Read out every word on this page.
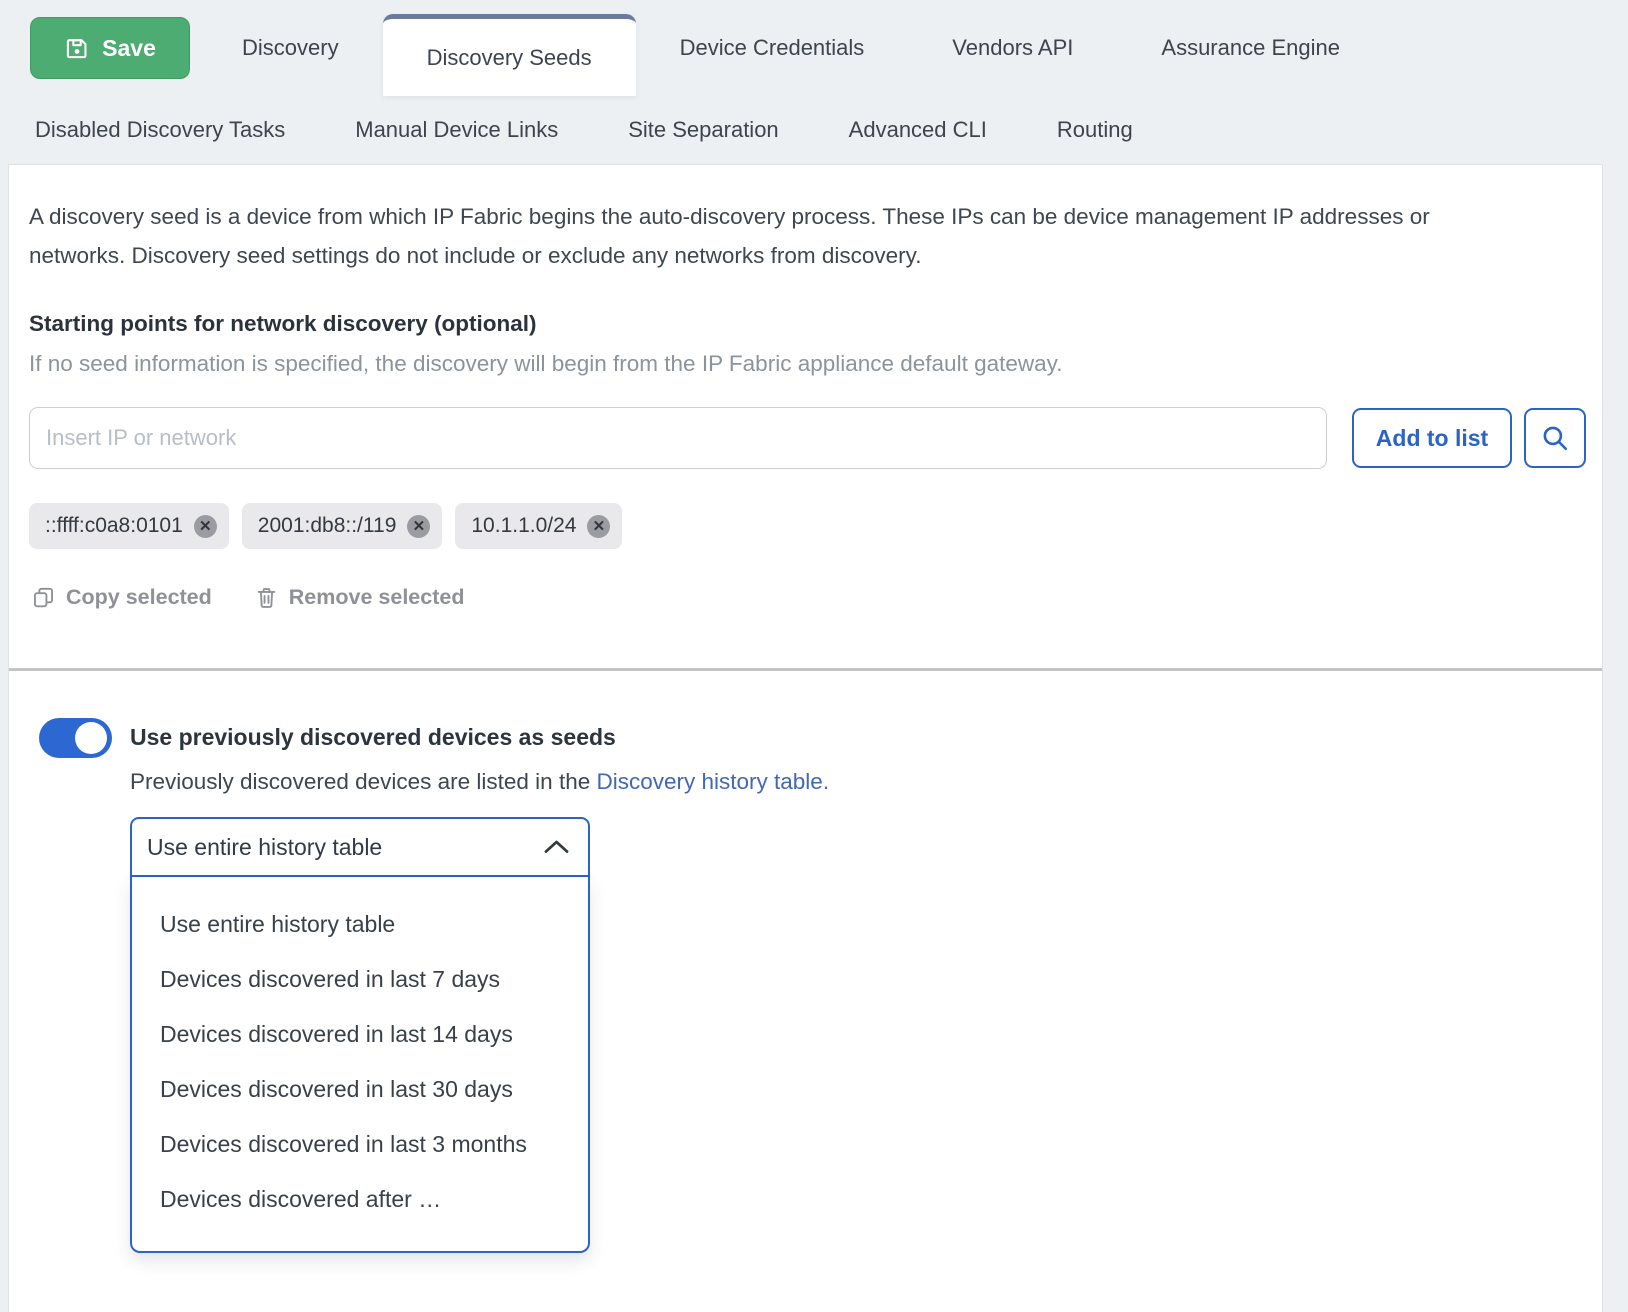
Save	Discovery	Discovery Seeds	Device Credentials	Vendors API	Assurance Engine
Disabled Discovery Tasks	Manual Device Links	Site Separation	Advanced CLI	Routing

A discovery seed is a device from which IP Fabric begins the auto-discovery process. These IPs can be device management IP addresses or networks. Discovery seed settings do not include or exclude any networks from discovery.

Starting points for network discovery (optional)

If no seed information is specified, the discovery will begin from the IP Fabric appliance default gateway.

Insert IP or network
Add to list
::ffff:c0a8:0101	✕ 2001:db8::/119	✕ 10.1.1.0/24	✕
Copy selected	Remove selected
Use previously discovered devices as seeds
Previously discovered devices are listed in the Discovery history table.
Use entire history table
Use entire history table
Devices discovered in last 7 days
Devices discovered in last 14 days
Devices discovered in last 30 days
Devices discovered in last 3 months
Devices discovered after …
